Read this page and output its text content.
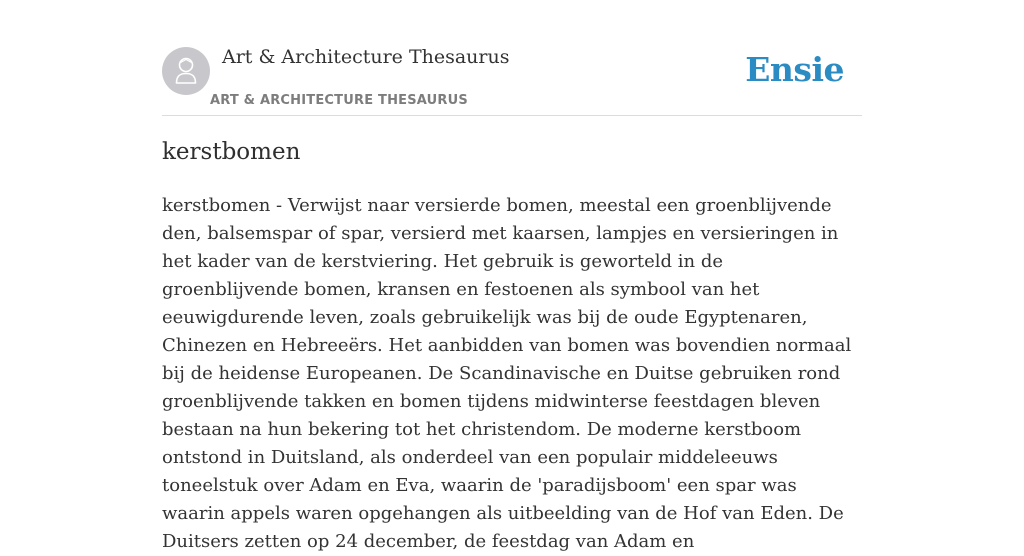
Art & Architecture Thesaurus
ART & ARCHITECTURE THESAURUS
Ensie
kerstbomen

kerstbomen - Verwijst naar versierde bomen, meestal een groenblijvende den, balsemspar of spar, versierd met kaarsen, lampjes en versieringen in het kader van de kerstviering. Het gebruik is geworteld in de groenblijvende bomen, kransen en festoenen als symbool van het eeuwigdurende leven, zoals gebruikelijk was bij de oude Egyptenaren, Chinezen en Hebreeërs. Het aanbidden van bomen was bovendien normaal bij de heidense Europeanen. De Scandinavische en Duitse gebruiken rond groenblijvende takken en bomen tijdens midwinterse feestdagen bleven bestaan na hun bekering tot het christendom. De moderne kerstboom ontstond in Duitsland, als onderdeel van een populair middeleeuws toneelstuk over Adam en Eva, waarin de 'paradijsboom' een spar was waarin appels waren opgehangen als uitbeelding van de Hof van Eden. De Duitsers zetten op 24 december, de feestdag van Adam en
